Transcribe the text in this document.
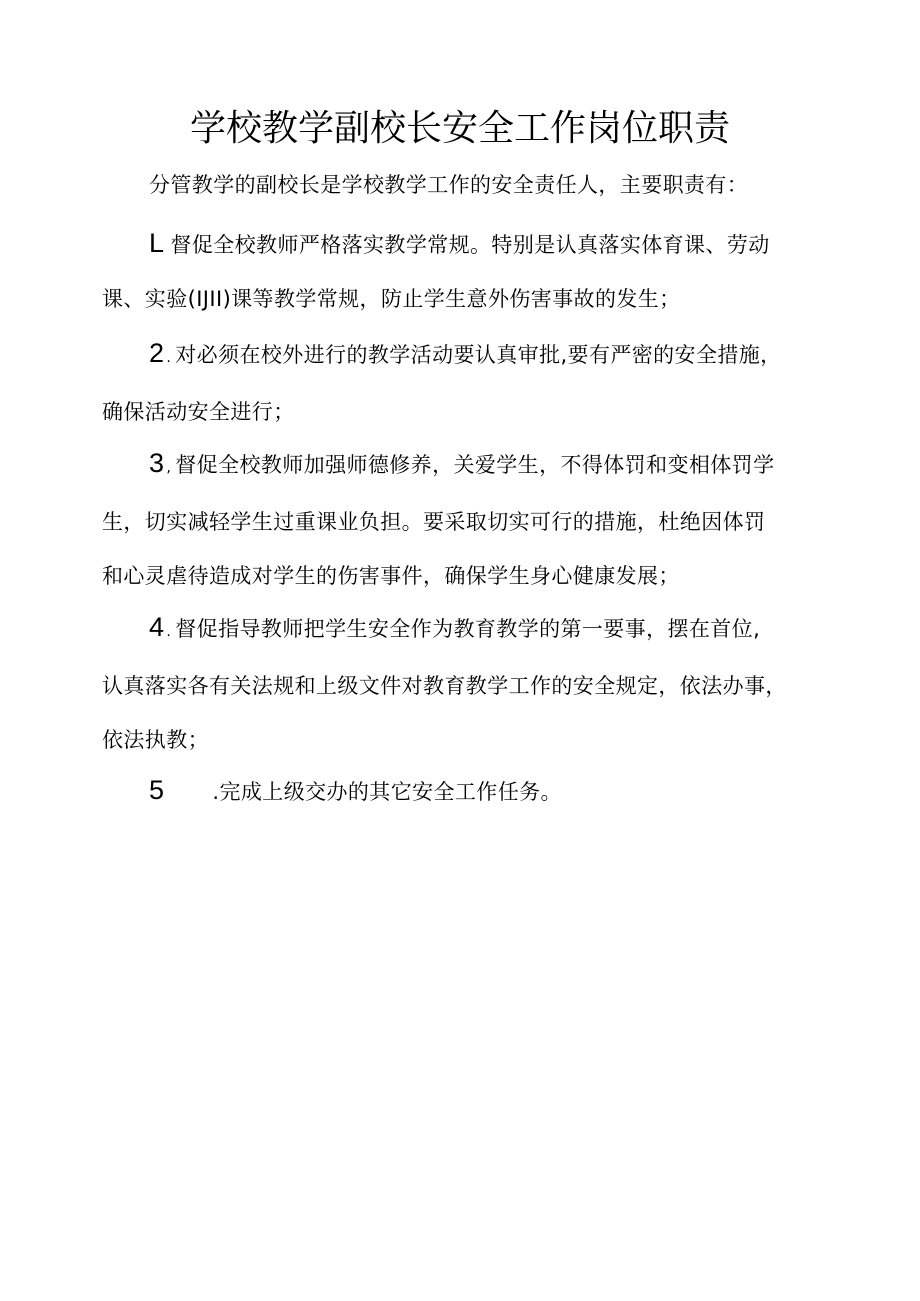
学校教学副校长安全工作岗位职责
分管教学的副校长是学校教学工作的安全责任人，主要职责有：
L 督促全校教师严格落实教学常规。特别是认真落实体育课、劳动
课、实验(IJII)课等教学常规，防止学生意外伤害事故的发生；
2 . 对必须在校外进行的教学活动要认真审批,要有严密的安全措施，
确保活动安全进行；
3 , 督促全校教师加强师德修养，关爱学生，不得体罚和变相体罚学
生，切实减轻学生过重课业负担。要采取切实可行的措施，杜绝因体罚
和心灵虐待造成对学生的伤害事件，确保学生身心健康发展；
4 . 督促指导教师把学生安全作为教育教学的第一要事，摆在首位,
认真落实各有关法规和上级文件对教育教学工作的安全规定，依法办事，
依法执教；
5 .完成上级交办的其它安全工作任务。
